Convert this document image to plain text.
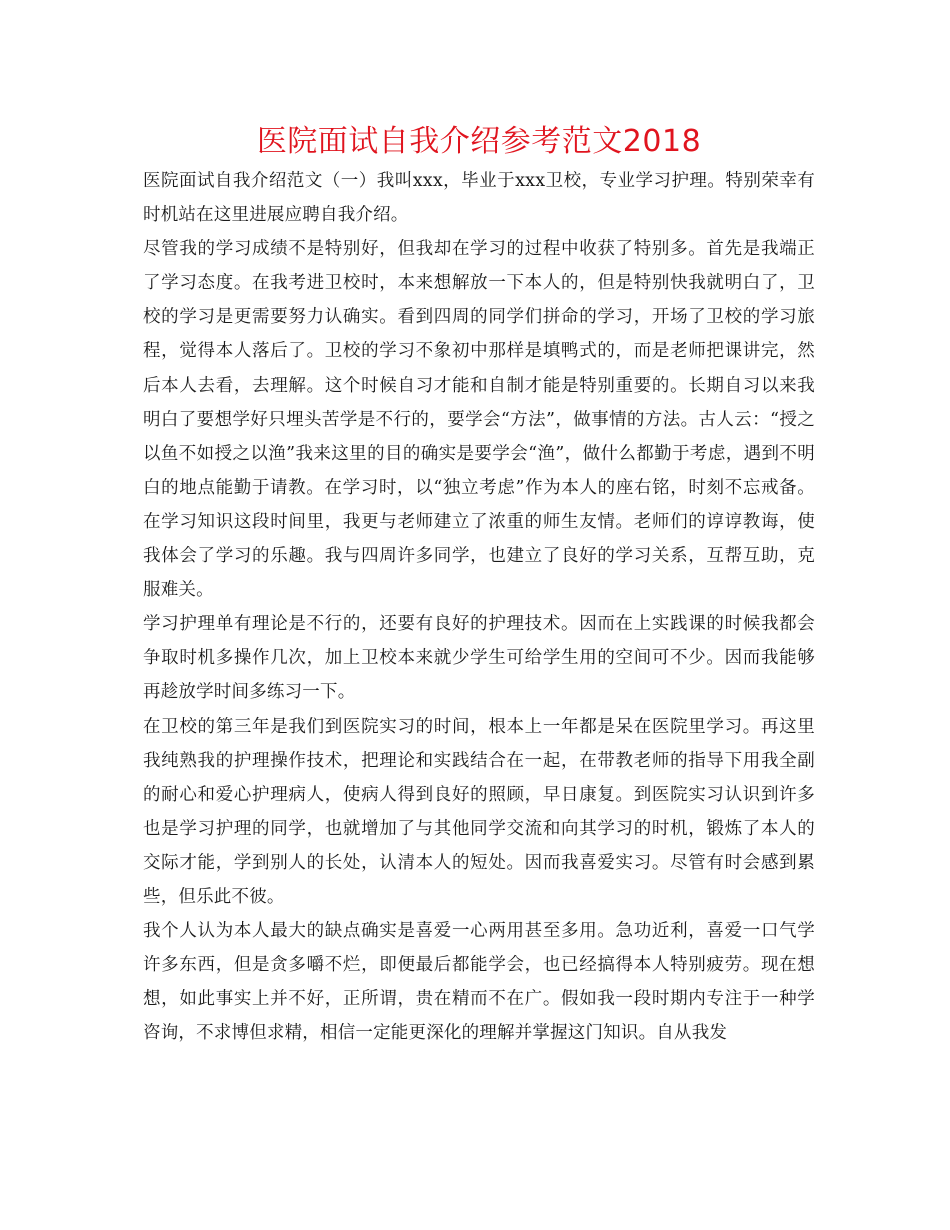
医院面试自我介绍参考范文2018

医院面试自我介绍范文（一）我叫xxx，毕业于xxx卫校，专业学习护理。特别荣幸有时机站在这里进展应聘自我介绍。

尽管我的学习成绩不是特别好，但我却在学习的过程中收获了特别多。首先是我端正了学习态度。在我考进卫校时，本来想解放一下本人的，但是特别快我就明白了，卫校的学习是更需要努力认确实。看到四周的同学们拼命的学习，开场了卫校的学习旅程，觉得本人落后了。卫校的学习不象初中那样是填鸭式的，而是老师把课讲完，然后本人去看，去理解。这个时候自习才能和自制才能是特别重要的。长期自习以来我明白了要想学好只埋头苦学是不行的，要学会“方法”，做事情的方法。古人云：“授之以鱼不如授之以渔”我来这里的目的确实是要学会“渔”，做什么都勤于考虑，遇到不明白的地点能勤于请教。在学习时，以“独立考虑”作为本人的座右铭，时刻不忘戒备。在学习知识这段时间里，我更与老师建立了浓重的师生友情。老师们的谆谆教诲，使我体会了学习的乐趣。我与四周许多同学，也建立了良好的学习关系，互帮互助，克服难关。

学习护理单有理论是不行的，还要有良好的护理技术。因而在上实践课的时候我都会争取时机多操作几次，加上卫校本来就少学生可给学生用的空间可不少。因而我能够再趁放学时间多练习一下。

在卫校的第三年是我们到医院实习的时间，根本上一年都是呆在医院里学习。再这里我纯熟我的护理操作技术，把理论和实践结合在一起，在带教老师的指导下用我全副的耐心和爱心护理病人，使病人得到良好的照顾，早日康复。到医院实习认识到许多也是学习护理的同学，也就增加了与其他同学交流和向其学习的时机，锻炼了本人的交际才能，学到别人的长处，认清本人的短处。因而我喜爱实习。尽管有时会感到累些，但乐此不彼。

我个人认为本人最大的缺点确实是喜爱一心两用甚至多用。急功近利，喜爱一口气学许多东西，但是贪多嚼不烂，即便最后都能学会，也已经搞得本人特别疲劳。现在想想，如此事实上并不好，正所谓，贵在精而不在广。假如我一段时期内专注于一种学咨询，不求博但求精，相信一定能更深化的理解并掌握这门知识。自从我发
